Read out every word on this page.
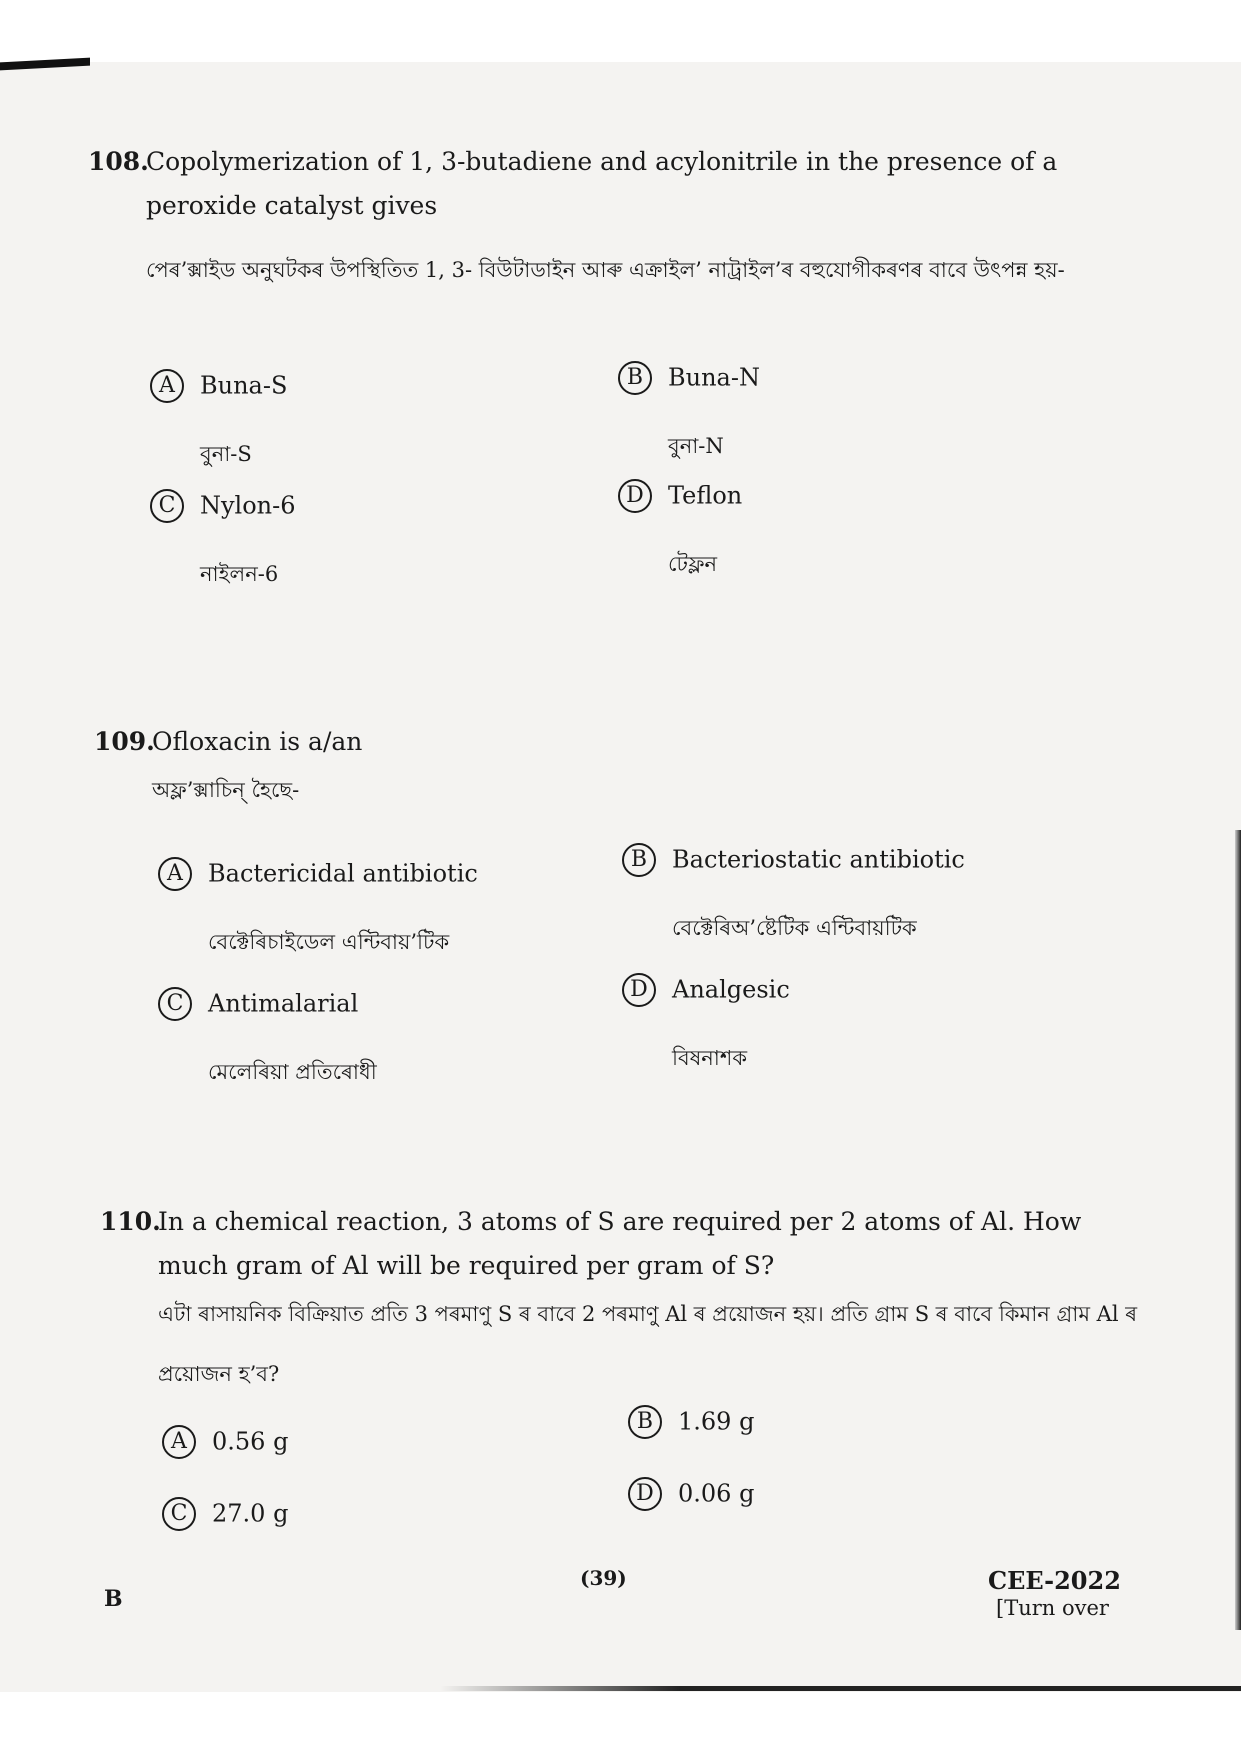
108.
Copolymerization of 1, 3-butadiene and acylonitrile in the presence of a peroxide catalyst gives
পেৰ’ক্সাইড অনুঘটকৰ উপস্থিতিত 1, 3- বিউটাডাইন আৰু এক্ৰাইল’ নাট্ৰাইল’ৰ বহুযোগীকৰণৰ বাবে উৎপন্ন হয়-
A Buna-S
বুনা-S
B Buna-N
বুনা-N
C Nylon-6
নাইলন-6
D Teflon
টেফ্লন
109.
Ofloxacin is a/an
অফ্ল’ক্সাচিন্ হৈছে-
A Bactericidal antibiotic
বেক্টেৰিচাইডেল এন্টিবায়’টিক
B Bacteriostatic antibiotic
বেক্টেৰিঅ’ষ্টেটিক এন্টিবায়টিক
C Antimalarial
মেলেৰিয়া প্ৰতিৰোধী
D Analgesic
বিষনাশক
110.
In a chemical reaction, 3 atoms of S are required per 2 atoms of Al. How much gram of Al will be required per gram of S?
এটা ৰাসায়নিক বিক্ৰিয়াত প্ৰতি 3 পৰমাণু S ৰ বাবে 2 পৰমাণু Al ৰ প্ৰয়োজন হয়। প্ৰতি গ্ৰাম S ৰ বাবে কিমান গ্ৰাম Al ৰ প্ৰয়োজন হ’ব?
A 0.56 g
B 1.69 g
C 27.0 g
D 0.06 g
B
(39)	CEE-2022
[Turn over
